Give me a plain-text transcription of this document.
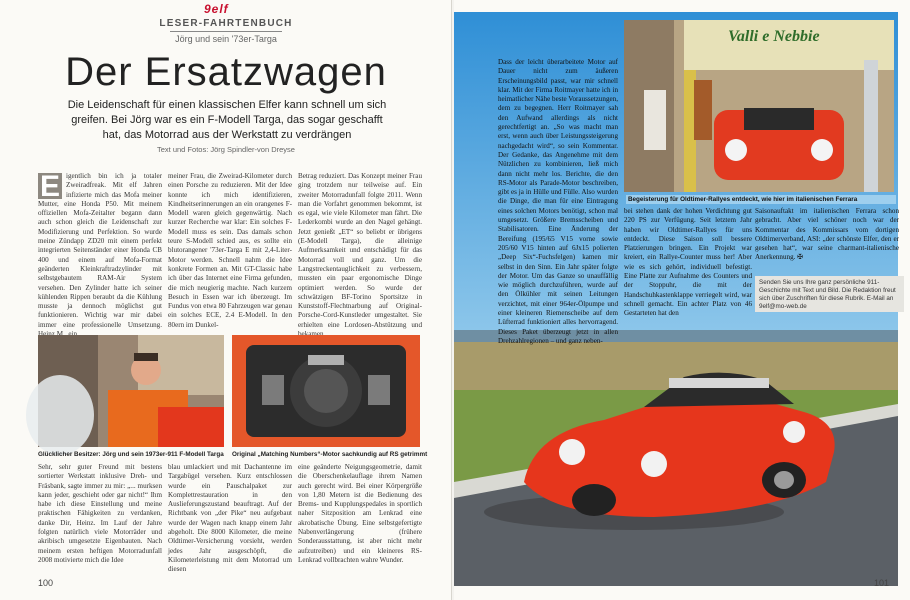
9elf
LESER-FAHRTENBUCH
Jörg und sein '73er-Targa
Der Ersatzwagen
Die Leidenschaft für einen klassischen Elfer kann schnell um sich greifen. Bei Jörg war es ein F-Modell Targa, das sogar geschafft hat, das Motorrad aus der Werkstatt zu verdrängen
Text und Fotos: Jörg Spindler-von Dreyse
E igentlich bin ich ja totaler Zweiradfreak. Mit elf Jahren infizierte mich das Mofa meiner Mutter, eine Honda P50. Mit meinem offiziellen Mofa-Zeitalter begann dann auch schon gleich die Leidenschaft zur Modifizierung und Perfektion. So wurde meine Zündapp ZD20 mit einem perfekt integrierten Seitenständer einer Honda CB 400 und einem auf Mofa-Format geänderten Kleinkraftradzylinder mit selbstgebautem RAM-Air System versehen. Den Zylinder hatte ich seiner kühlenden Rippen beraubt da die Kühlung musste ja dennoch möglichst gut funktionieren. Wichtig war mir dabei immer eine professionelle Umsetzung.
meiner Frau, die Zweirad-Kilometer durch einen Porsche zu reduzieren. Mit der Idee konnte ich mich identifizieren, Kindheitserinnerungen an ein orangenes F-Modell waren gleich gegenwärtig. Nach kurzer Recherche war klar: Ein solches F-Modell muss es sein. Das damals schon teure S-Modell schied aus, es sollte ein blutorangener '73er-Targa E mit 2,4-Liter-Motor werden. Schnell nahm die Idee konkrete Formen an. Mit GT-Classic habe ich über das Internet eine Firma gefunden, die mich neugierig machte. Nach kurzem Besuch in Essen war ich überzeugt. Im Fundus von etwa 80 Fahrzeugen war genau ein solches ECE, 2.4 E-Modell. In den 80ern im Dunkel-
Betrag reduziert. Das Konzept meiner Frau ging trotzdem nur teilweise auf. Ein zweiter Motorradunfall folgte 2011. Wenn man die Vorfahrt genommen bekommt, ist es egal, wie viele Kilometer man fährt. Die Lederkombi wurde an den Nagel gehängt. Jetzt genießt „ET“ so beliebt er übrigens (E-Modell Targa), die alleinige Aufmerksamkeit und entschädigt für das Motorrad voll und ganz. Um die Langstreckentauglichkeit zu verbessern, mussten ein paar ergonomische Dinge optimiert werden. So wurde der schwätzigen BF-Torino Sportsitze in Kunststoff-Flechtnarbung auf Original-Porsche-Cord-Kunstleder umgestaltet. Sie erhielten eine Lordosen-Abstützung und
Glücklicher Besitzer: Jörg und sein 1973er-911 F-Modell Targa	Original „Matching Numbers“-Motor sachkundig auf RS getrimmt
Sehr, sehr guter Freund mit bestens sortierter Werkstatt inklusive Dreh- und Fräsbank, sagte immer zu mir: „... murksen kann jeder, geschieht oder gar nicht!“ Ihm habe ich diese Einstellung und meine praktischen Fähigkeiten zu verdanken, danke Dir, Heinz. Im Lauf der Jahre folgten natürlich viele Motorräder und akribisch umgesetzte Eigenbauten. Nach meinem ersten heftigen Motorradunfall 2008 motivierte mich die Idee
blau umlackiert und mit Dachantenne im Targabügel versehen. Kurz entschlossen wurde ein Pauschalpaket zur Komplettrestauration in den Auslieferungszustand beauftragt. Auf der Richtbank von „der Pike“ neu aufgebaut wurde der Wagen nach knapp einem Jahr abgeholt. Die 8000 Kilometer, die meine Oldtimer-Versicherung vorsieht, werden jedes Jahr ausgeschöpft, die Kilometerleistung mit dem Motorrad um diesen
eine geänderte Neigungsgeometrie, damit die Oberschenkelauflage ihrem Namen auch gerecht wird. Bei einer Körpergröße von 1,80 Metern ist die Bedienung des Brems- und Kupplungspedales in sportlich naher Sitzposition am Lenkrad eine akrobatische Übung. Eine selbstgefertigte Nabenverlängerung (frühere Sonderausstattung, ist aber nicht mehr aufzutreiben) und ein kleineres RS-Lenkrad vollbrachten wahre Wunder.
100
Dass der leicht überarbeitete Motor auf Dauer nicht zum äußeren Erscheinungsbild passt, war mir schnell klar. Mit der Firma Roitmayer hatte ich in heimatlicher Nähe beste Voraussetzungen, dem zu begegnen. Herr Roitmayer sah den Aufwand allerdings als nicht gerechtfertigt an. „So was macht man erst, wenn auch über Leistungssteigerung nachgedacht wird“, so sein Kommentar. Der Gedanke, das Angenehme mit dem Nützlichen zu kombinieren, ließ mich dann nicht mehr los. Berichte, die den RS-Motor als Parade-Motor beschreiben, gibt es ja in Hülle und Fülle. Also wurden die Dinge, die man für eine Eintragung eines solchen Motors benötigt, schon mal umgesetzt. Größere Bremsscheiben und Stabilisatoren. Eine Änderung der Bereifung (195/65 V15 vorne sowie 205/60 V15 hinten auf 6Jx15 polierten „Deep Six“-Fuchsfelgen) kamen mir selbst in den Sinn. Ein Jahr später folgte der Motor. Um das Ganze so unauffällig wie möglich durchzuführen, wurde auf den Ölkühler mit seinen Leitungen verzichtet, mit einer 964er-Ölpumpe und einer kleineren Riemenscheibe auf dem Lüfterrad funktioniert alles hervorragend. Dieses Paket überzeugt jetzt in allen Drehzahlregionen – und ganz neben-
Valli e Nebbie
Begeisterung für Oldtimer-Rallyes entdeckt, wie hier im italienischen Ferrara
bei stehen dank der hohen Verdichtung gut 220 PS zur Verfügung. Seit letztem Jahr haben wir Oldtimer-Rallyes für uns entdeckt. Diese Saison soll bessere Platzierungen bringen. Ein Projekt war kreiert, ein Rallye-Counter muss her! Aber wie es sich gehört, individuell befestigt. Eine Platte zur Aufnahme des Counters und der Stoppuhr, die mit der Handschuhkastenklappe verriegelt wird, war schnell gemacht. Ein achter Platz von 46 Gestarteten hat den
Saisonauftakt im italienischen Ferrara schon gebracht. Aber viel schöner noch war der Kommentar des Kommissars vom dortigen Oldtimerverband, ASI: „der schönste Elfer, den er gesehen hat“, war seine charmant-italienische Anerkennung. ✠
Senden Sie uns Ihre ganz persönliche 911-Geschichte mit Text und Bild. Die Redaktion freut sich über Zuschriften für diese Rubrik. E-Mail an 9elf@mo-web.de
101
